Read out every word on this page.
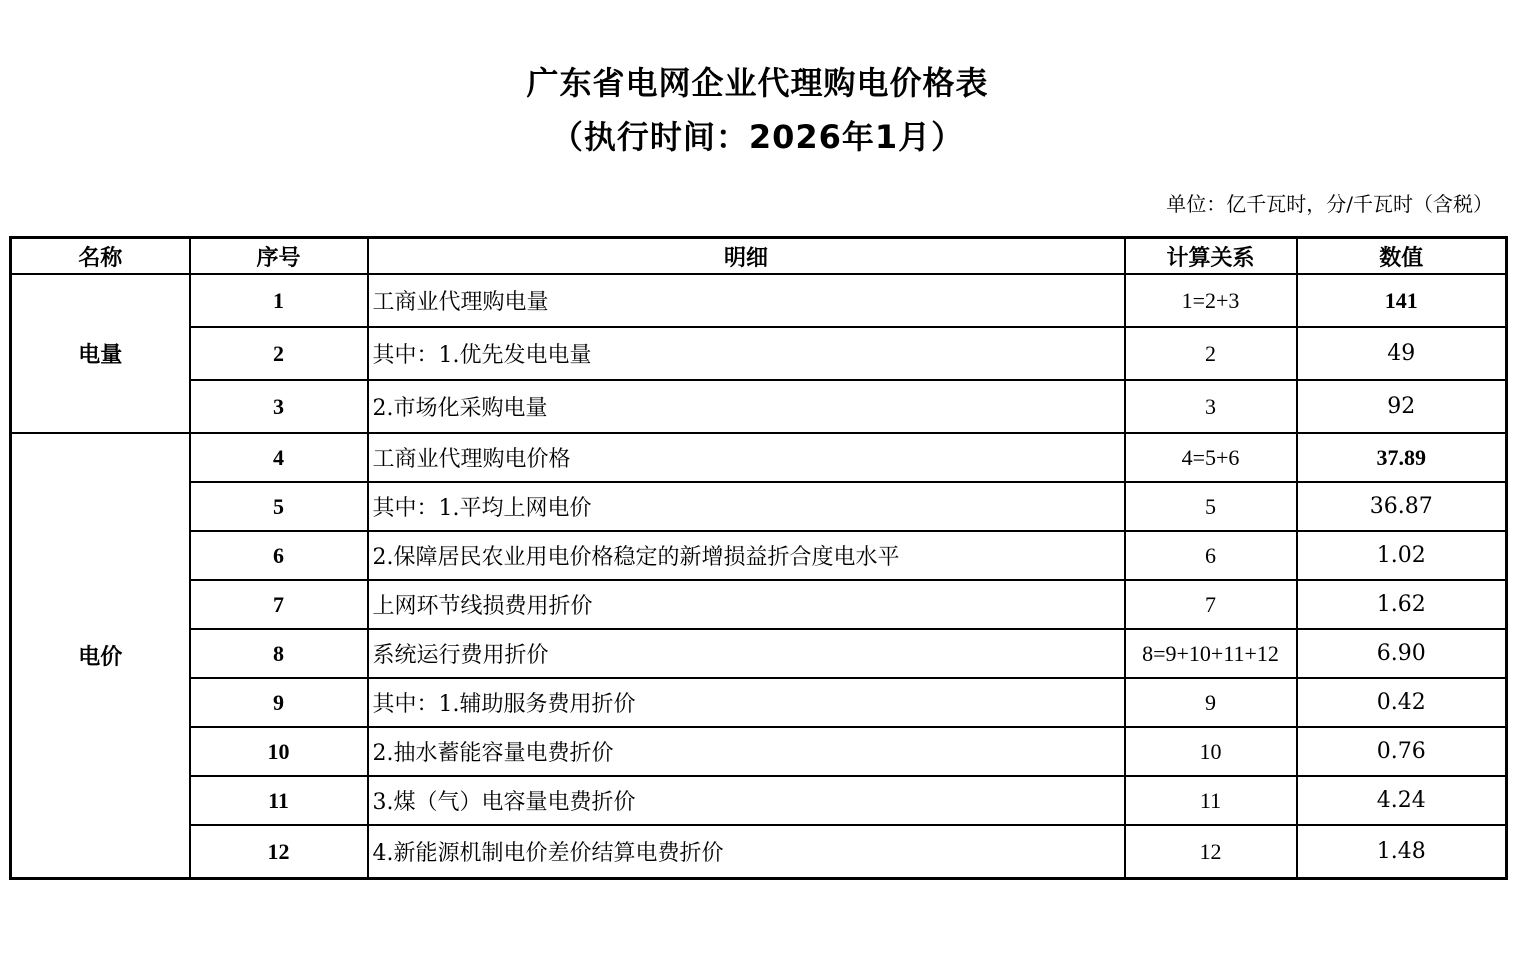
广东省电网企业代理购电价格表
（执行时间：2026年1月）
单位：亿千瓦时，分/千瓦时（含税）
名称	序号	明细	计算关系	数值
电量	1	工商业代理购电量	1=2+3	141
	2	其中：1.优先发电电量	2	49
	3	2.市场化采购电量	3	92
电价	4	工商业代理购电价格	4=5+6	37.89
	5	其中：1.平均上网电价	5	36.87
	6	2.保障居民农业用电价格稳定的新增损益折合度电水平	6	1.02
	7	上网环节线损费用折价	7	1.62
	8	系统运行费用折价	8=9+10+11+12	6.90
	9	其中：1.辅助服务费用折价	9	0.42
	10	2.抽水蓄能容量电费折价	10	0.76
	11	3.煤（气）电容量电费折价	11	4.24
	12	4.新能源机制电价差价结算电费折价	12	1.48
